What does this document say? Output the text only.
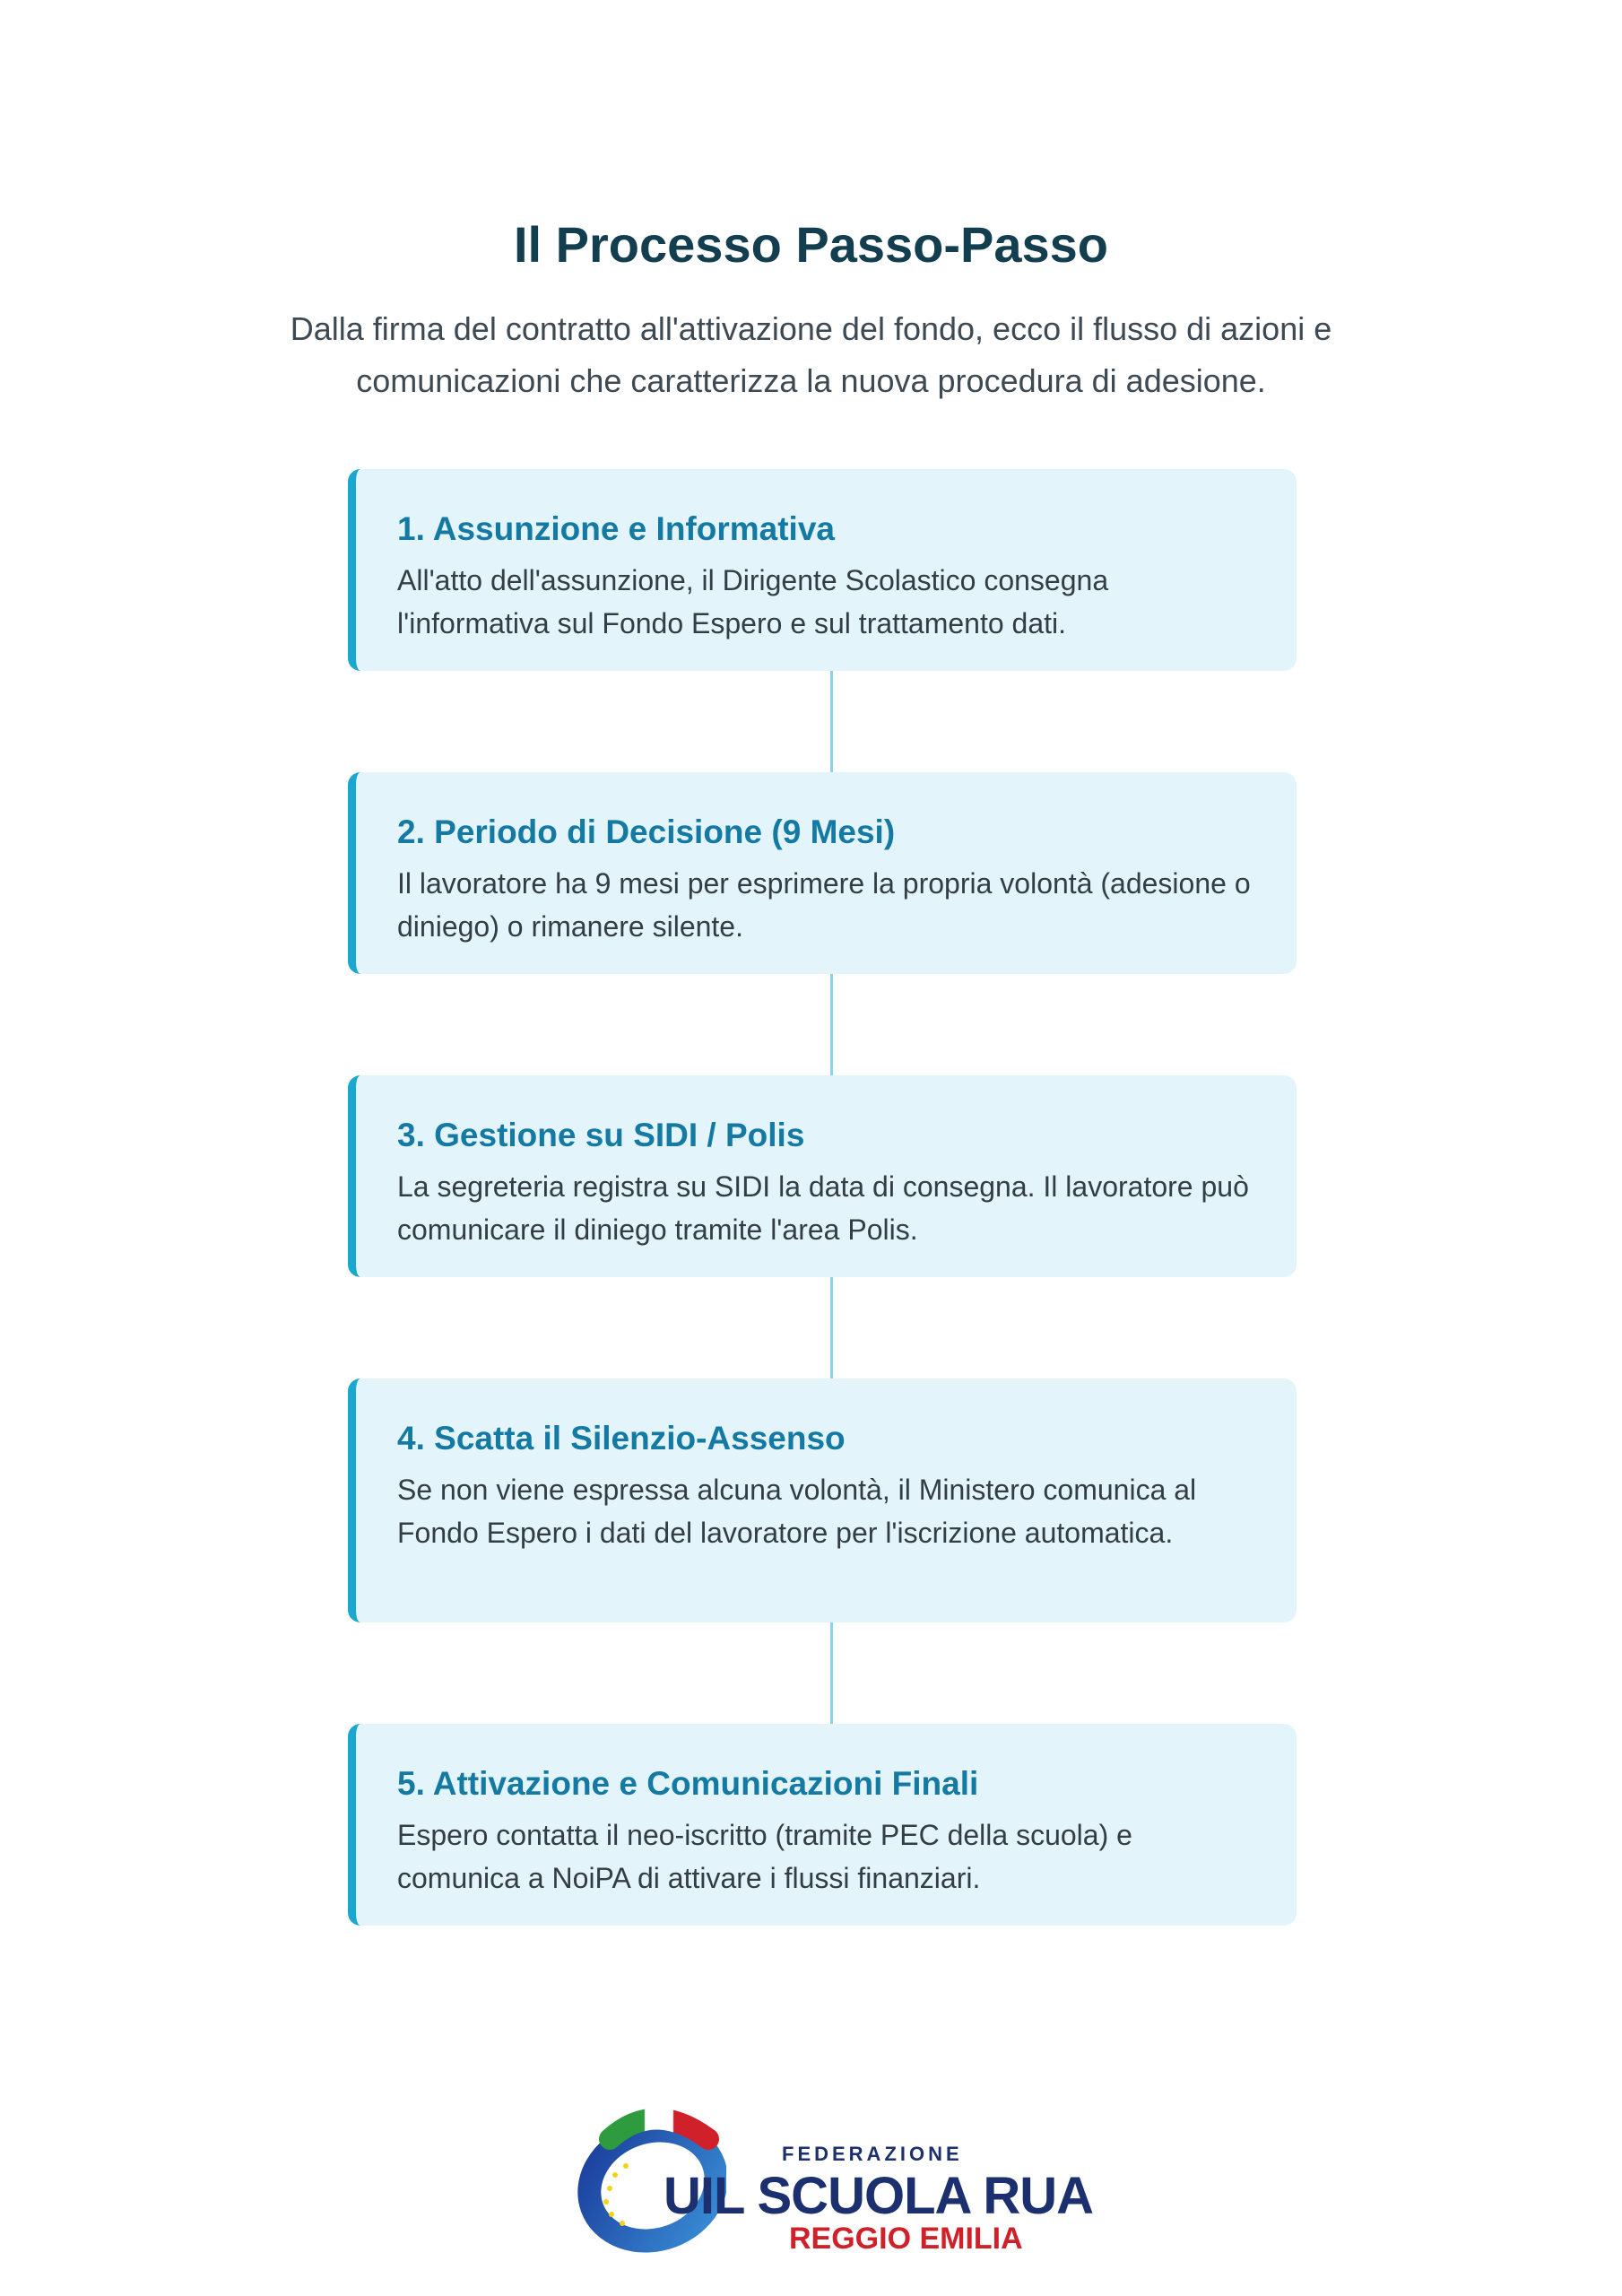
Il Processo Passo-Passo

Dalla firma del contratto all'attivazione del fondo, ecco il flusso di azioni e comunicazioni che caratterizza la nuova procedura di adesione.

1. Assunzione e Informativa

All'atto dell'assunzione, il Dirigente Scolastico consegna l'informativa sul Fondo Espero e sul trattamento dati.

2. Periodo di Decisione (9 Mesi)

Il lavoratore ha 9 mesi per esprimere la propria volontà (adesione o diniego) o rimanere silente.

3. Gestione su SIDI / Polis

La segreteria registra su SIDI la data di consegna. Il lavoratore può comunicare il diniego tramite l'area Polis.

4. Scatta il Silenzio-Assenso

Se non viene espressa alcuna volontà, il Ministero comunica al Fondo Espero i dati del lavoratore per l'iscrizione automatica.

5. Attivazione e Comunicazioni Finali

Espero contatta il neo-iscritto (tramite PEC della scuola) e comunica a NoiPA di attivare i flussi finanziari.

FEDERAZIONE
UIL SCUOLA RUA
REGGIO EMILIA
